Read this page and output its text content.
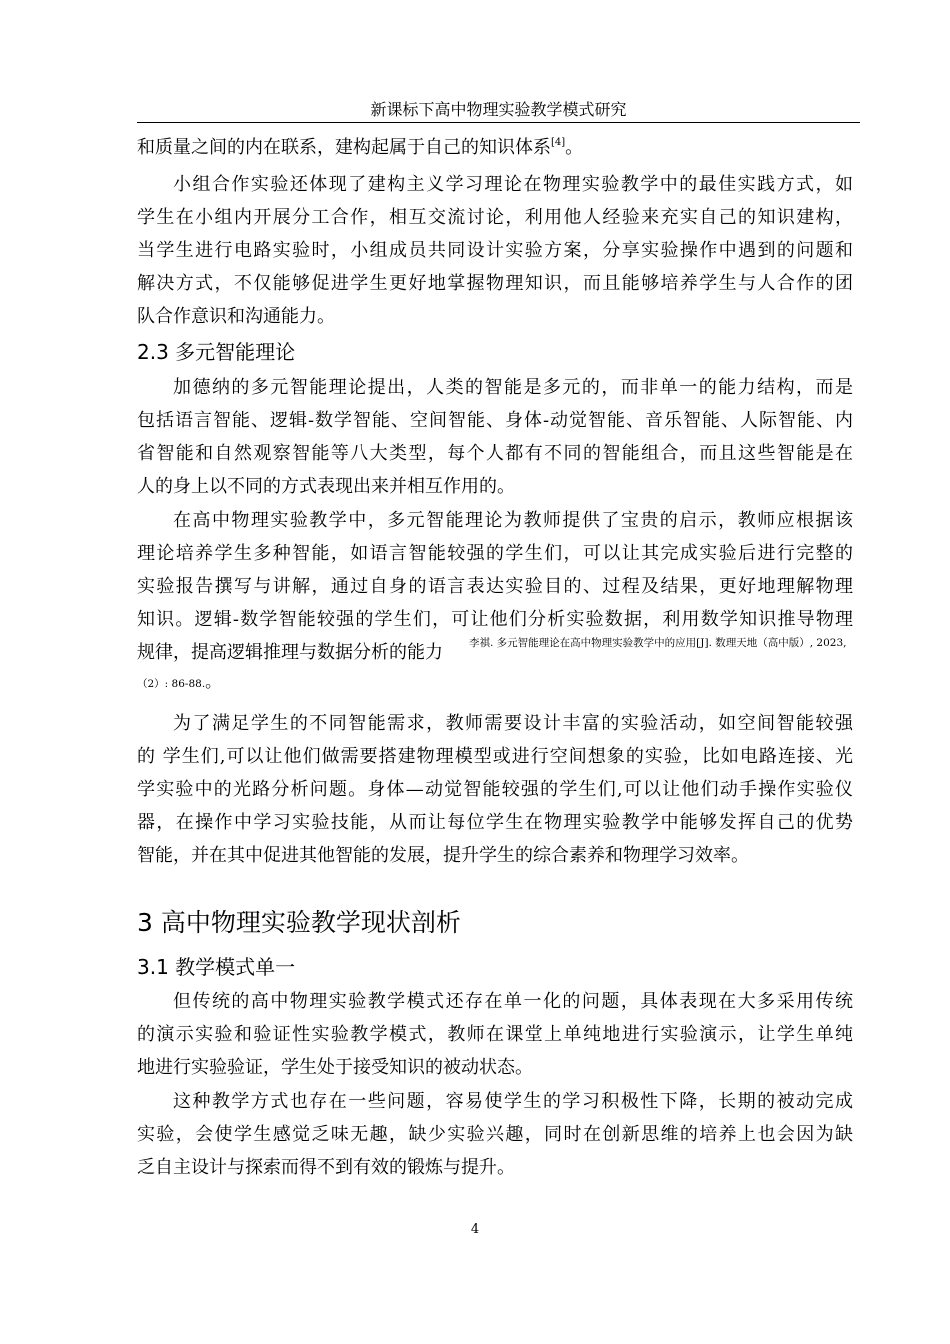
新课标下高中物理实验教学模式研究
和质量之间的内在联系，建构起属于自己的知识体系[4]。
小组合作实验还体现了建构主义学习理论在物理实验教学中的最佳实践方式，如
学生在小组内开展分工合作，相互交流讨论，利用他人经验来充实自己的知识建构，
当学生进行电路实验时，小组成员共同设计实验方案，分享实验操作中遇到的问题和
解决方式，不仅能够促进学生更好地掌握物理知识，而且能够培养学生与人合作的团
队合作意识和沟通能力。
2.3 多元智能理论
加德纳的多元智能理论提出，人类的智能是多元的，而非单一的能力结构，而是
包括语言智能、逻辑-数学智能、空间智能、身体-动觉智能、音乐智能、人际智能、内
省智能和自然观察智能等八大类型，每个人都有不同的智能组合，而且这些智能是在
人的身上以不同的方式表现出来并相互作用的。
在高中物理实验教学中，多元智能理论为教师提供了宝贵的启示，教师应根据该
理论培养学生多种智能，如语言智能较强的学生们，可以让其完成实验后进行完整的
实验报告撰写与讲解，通过自身的语言表达实验目的、过程及结果，更好地理解物理
知识。逻辑-数学智能较强的学生们，可让他们分析实验数据，利用数学知识推导物理
规律，提高逻辑推理与数据分析的能力 李祺. 多元智能理论在高中物理实验教学中的应用[J]. 数理天地（高中版）, 2023,
（2）: 86-88.。
为了满足学生的不同智能需求，教师需要设计丰富的实验活动，如空间智能较强
的 学生们,可以让他们做需要搭建物理模型或进行空间想象的实验，比如电路连接、光
学实验中的光路分析问题。身体—动觉智能较强的学生们,可以让他们动手操作实验仪
器，在操作中学习实验技能，从而让每位学生在物理实验教学中能够发挥自己的优势
智能，并在其中促进其他智能的发展，提升学生的综合素养和物理学习效率。
3 高中物理实验教学现状剖析
3.1 教学模式单一
但传统的高中物理实验教学模式还存在单一化的问题，具体表现在大多采用传统
的演示实验和验证性实验教学模式，教师在课堂上单纯地进行实验演示，让学生单纯
地进行实验验证，学生处于接受知识的被动状态。
这种教学方式也存在一些问题，容易使学生的学习积极性下降，长期的被动完成
实验，会使学生感觉乏味无趣，缺少实验兴趣，同时在创新思维的培养上也会因为缺
乏自主设计与探索而得不到有效的锻炼与提升。
4
